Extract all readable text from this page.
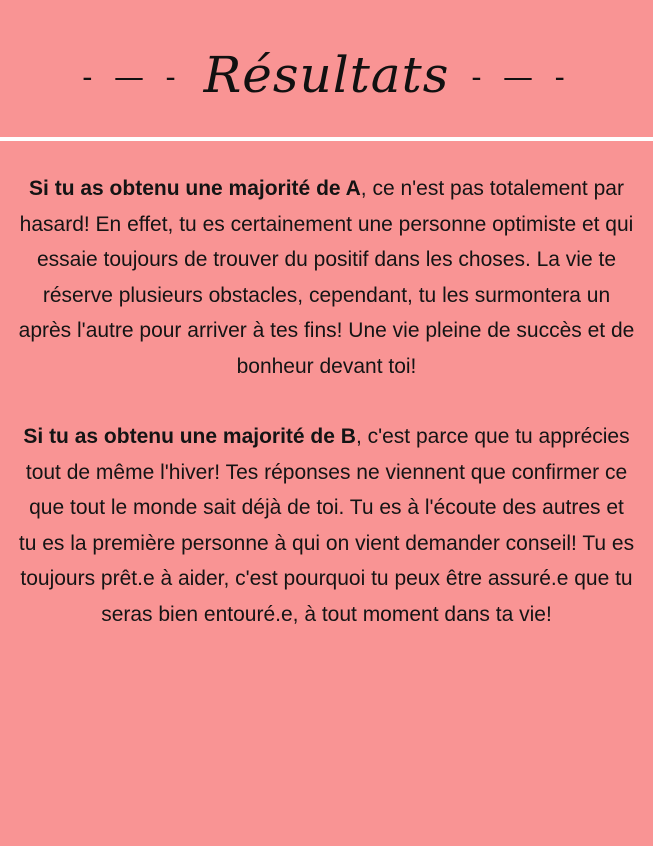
- — - Résultats - — -

Si tu as obtenu une majorité de A, ce n'est pas totalement par hasard! En effet, tu es certainement une personne optimiste et qui essaie toujours de trouver du positif dans les choses. La vie te réserve plusieurs obstacles, cependant, tu les surmontera un après l'autre pour arriver à tes fins! Une vie pleine de succès et de bonheur devant toi!

Si tu as obtenu une majorité de B, c'est parce que tu apprécies tout de même l'hiver! Tes réponses ne viennent que confirmer ce que tout le monde sait déjà de toi. Tu es à l'écoute des autres et tu es la première personne à qui on vient demander conseil! Tu es toujours prêt.e à aider, c'est pourquoi tu peux être assuré.e que tu seras bien entouré.e, à tout moment dans ta vie!
